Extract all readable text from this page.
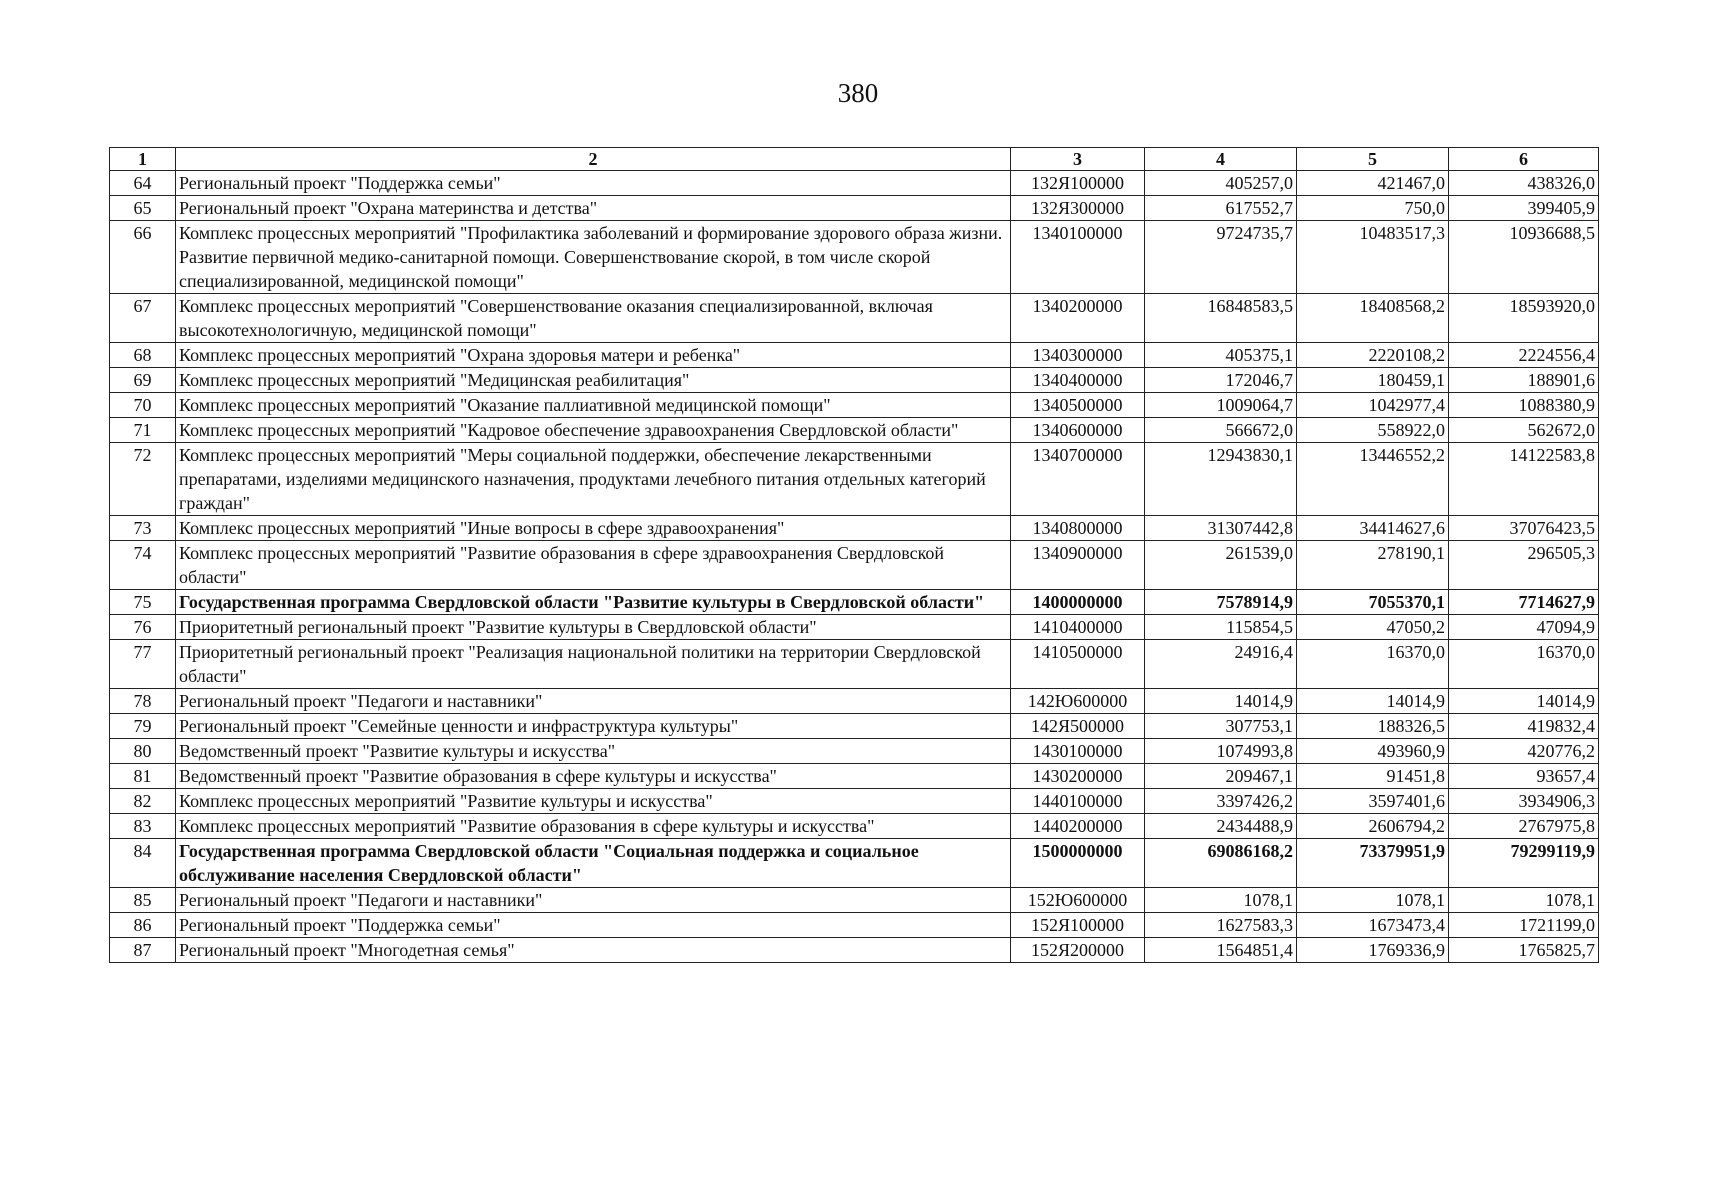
380
1	2	3	4	5	6
64	Региональный проект "Поддержка семьи"	132Я100000	405257,0	421467,0	438326,0
65	Региональный проект "Охрана материнства и детства"	132Я300000	617552,7	750,0	399405,9
66	Комплекс процессных мероприятий "Профилактика заболеваний и формирование здорового образа жизни. Развитие первичной медико-санитарной помощи. Совершенствование скорой, в том числе скорой специализированной, медицинской помощи"	1340100000	9724735,7	10483517,3	10936688,5
67	Комплекс процессных мероприятий "Совершенствование оказания специализированной, включая высокотехнологичную, медицинской помощи"	1340200000	16848583,5	18408568,2	18593920,0
68	Комплекс процессных мероприятий "Охрана здоровья матери и ребенка"	1340300000	405375,1	2220108,2	2224556,4
69	Комплекс процессных мероприятий "Медицинская реабилитация"	1340400000	172046,7	180459,1	188901,6
70	Комплекс процессных мероприятий "Оказание паллиативной медицинской помощи"	1340500000	1009064,7	1042977,4	1088380,9
71	Комплекс процессных мероприятий "Кадровое обеспечение здравоохранения Свердловской области"	1340600000	566672,0	558922,0	562672,0
72	Комплекс процессных мероприятий "Меры социальной поддержки, обеспечение лекарственными препаратами, изделиями медицинского назначения, продуктами лечебного питания отдельных категорий граждан"	1340700000	12943830,1	13446552,2	14122583,8
73	Комплекс процессных мероприятий "Иные вопросы в сфере здравоохранения"	1340800000	31307442,8	34414627,6	37076423,5
74	Комплекс процессных мероприятий "Развитие образования в сфере здравоохранения Свердловской области"	1340900000	261539,0	278190,1	296505,3
75	Государственная программа Свердловской области "Развитие культуры в Свердловской области"	1400000000	7578914,9	7055370,1	7714627,9
76	Приоритетный региональный проект "Развитие культуры в Свердловской области"	1410400000	115854,5	47050,2	47094,9
77	Приоритетный региональный проект "Реализация национальной политики на территории Свердловской области"	1410500000	24916,4	16370,0	16370,0
78	Региональный проект "Педагоги и наставники"	142Ю600000	14014,9	14014,9	14014,9
79	Региональный проект "Семейные ценности и инфраструктура культуры"	142Я500000	307753,1	188326,5	419832,4
80	Ведомственный проект "Развитие культуры и искусства"	1430100000	1074993,8	493960,9	420776,2
81	Ведомственный проект "Развитие образования в сфере культуры и искусства"	1430200000	209467,1	91451,8	93657,4
82	Комплекс процессных мероприятий "Развитие культуры и искусства"	1440100000	3397426,2	3597401,6	3934906,3
83	Комплекс процессных мероприятий "Развитие образования в сфере культуры и искусства"	1440200000	2434488,9	2606794,2	2767975,8
84	Государственная программа Свердловской области "Социальная поддержка и социальное обслуживание населения Свердловской области"	1500000000	69086168,2	73379951,9	79299119,9
85	Региональный проект "Педагоги и наставники"	152Ю600000	1078,1	1078,1	1078,1
86	Региональный проект "Поддержка семьи"	152Я100000	1627583,3	1673473,4	1721199,0
87	Региональный проект "Многодетная семья"	152Я200000	1564851,4	1769336,9	1765825,7
